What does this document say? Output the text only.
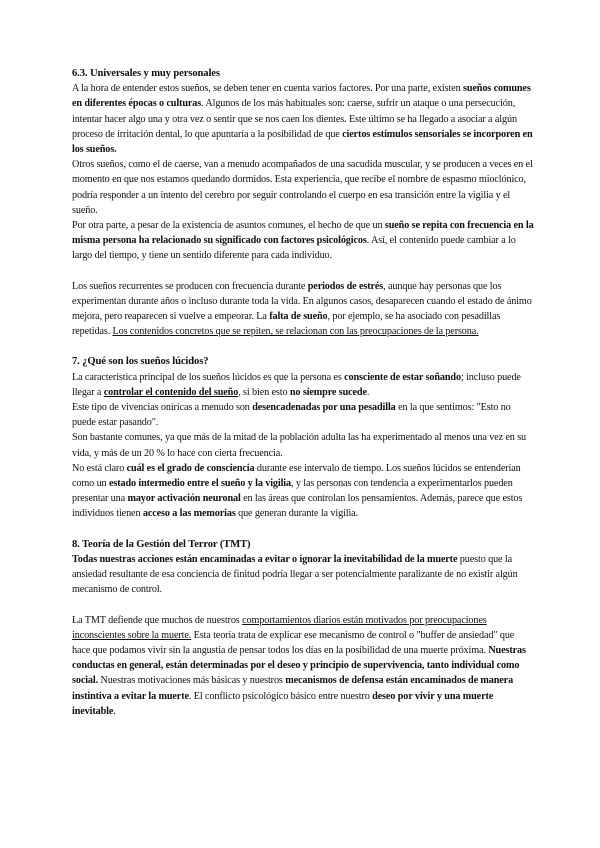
6.3. Universales y muy personales

A la hora de entender estos sueños, se deben tener en cuenta varios factores. Por una parte, existen sueños comunes en diferentes épocas o culturas. Algunos de los más habituales son: caerse, sufrir un ataque o una persecución, intentar hacer algo una y otra vez o sentir que se nos caen los dientes. Este último se ha llegado a asociar a algún proceso de irritación dental, lo que apuntaría a la posibilidad de que ciertos estímulos sensoriales se incorporen en los sueños.

Otros sueños, como el de caerse, van a menudo acompañados de una sacudida muscular, y se producen a veces en el momento en que nos estamos quedando dormidos. Esta experiencia, que recibe el nombre de espasmo mioclónico, podría responder a un intento del cerebro por seguir controlando el cuerpo en esa transición entre la vigilia y el sueño.

Por otra parte, a pesar de la existencia de asuntos comunes, el hecho de que un sueño se repita con frecuencia en la misma persona ha relacionado su significado con factores psicológicos. Así, el contenido puede cambiar a lo largo del tiempo, y tiene un sentido diferente para cada individuo.

Los sueños recurrentes se producen con frecuencia durante periodos de estrés, aunque hay personas que los experimentan durante años o incluso durante toda la vida. En algunos casos, desaparecen cuando el estado de ánimo mejora, pero reaparecen si vuelve a empeorar. La falta de sueño, por ejemplo, se ha asociado con pesadillas repetidas. Los contenidos concretos que se repiten, se relacionan con las preocupaciones de la persona.

7. ¿Qué son los sueños lúcidos?

La característica principal de los sueños lúcidos es que la persona es consciente de estar soñando; incluso puede llegar a controlar el contenido del sueño, si bien esto no siempre sucede.

Este tipo de vivencias oníricas a menudo son desencadenadas por una pesadilla en la que sentimos: "Esto no puede estar pasando".

Son bastante comunes, ya que más de la mitad de la población adulta las ha experimentado al menos una vez en su vida, y más de un 20 % lo hace con cierta frecuencia.

No está claro cuál es el grado de consciencia durante ese intervalo de tiempo. Los sueños lúcidos se entenderían como un estado intermedio entre el sueño y la vigilia, y las personas con tendencia a experimentarlos pueden presentar una mayor activación neuronal en las áreas que controlan los pensamientos. Además, parece que estos individuos tienen acceso a las memorias que generan durante la vigilia.

8. Teoría de la Gestión del Terror (TMT)

Todas nuestras acciones están encaminadas a evitar o ignorar la inevitabilidad de la muerte puesto que la ansiedad resultante de esa conciencia de finitud podría llegar a ser potencialmente paralizante de no existir algún mecanismo de control.

La TMT defiende que muchos de nuestros comportamientos diarios están motivados por preocupaciones inconscientes sobre la muerte. Esta teoría trata de explicar ese mecanismo de control o "buffer de ansiedad" que hace que podamos vivir sin la angustia de pensar todos los días en la posibilidad de una muerte próxima. Nuestras conductas en general, están determinadas por el deseo y principio de supervivencia, tanto individual como social. Nuestras motivaciones más básicas y nuestros mecanismos de defensa están encaminados de manera instintiva a evitar la muerte. El conflicto psicológico básico entre nuestro deseo por vivir y una muerte inevitable.
